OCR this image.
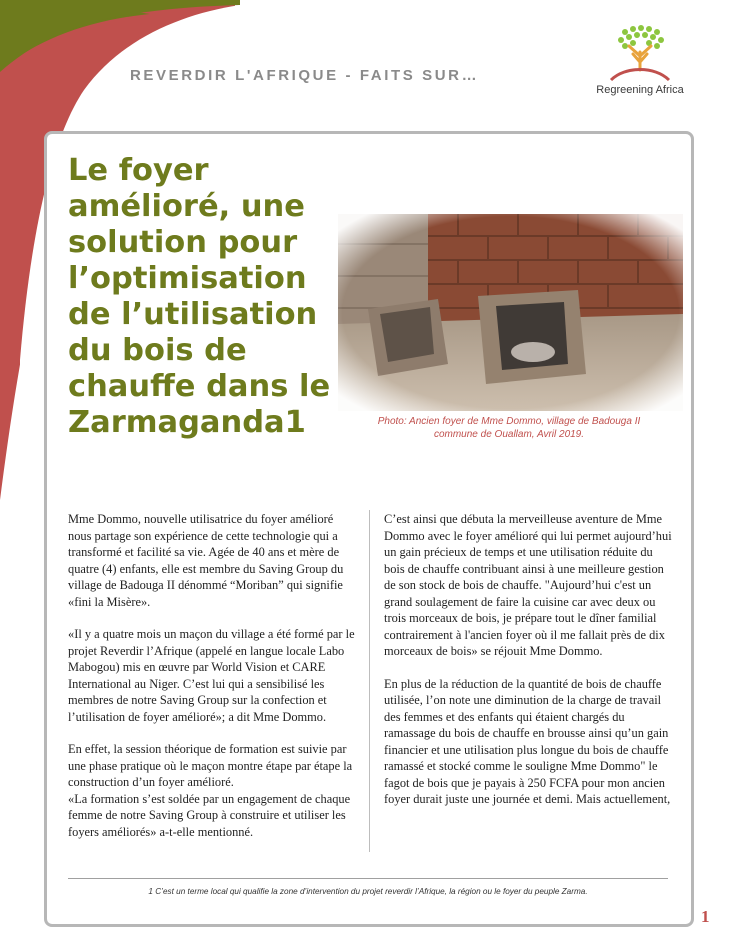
REVERDIR L'AFRIQUE - FAITS SUR…
Regreening Africa
Le foyer amélioré, une solution pour l’optimisation de l’utilisation du bois de chauffe dans le Zarmaganda1	Photo: Ancien foyer de Mme Dommo, village de Badouga II
commune de Ouallam, Avril 2019.

Mme Dommo, nouvelle utilisatrice du foyer amélioré nous partage son expérience de cette technologie qui a transformé et facilité sa vie. Agée de 40 ans et mère de quatre (4) enfants, elle est membre du Saving Group du village de Badouga II dénommé “Moriban” qui signifie «fini la Misère».

«Il y a quatre mois un maçon du village a été formé par le projet Reverdir l’Afrique (appelé en langue locale Labo Mabogou) mis en œuvre par World Vision et CARE International au Niger. C’est lui qui a sensibilisé les membres de notre Saving Group sur la confection et l’utilisation de foyer amélioré»; a dit Mme Dommo.

En effet, la session théorique de formation est suivie par une phase pratique où le maçon montre étape par étape la construction d’un foyer amélioré.

«La formation s’est soldée par un engagement de chaque femme de notre Saving Group à construire et utiliser les foyers améliorés» a-t-elle mentionné.

C’est ainsi que débuta la merveilleuse aventure de Mme Dommo avec le foyer amélioré qui lui permet aujourd’hui un gain précieux de temps et une utilisation réduite du bois de chauffe contribuant ainsi à une meilleure gestion de son stock de bois de chauffe. "Aujourd’hui c'est un grand soulagement de faire la cuisine car avec deux ou trois morceaux de bois, je prépare tout le dîner familial contrairement à l'ancien foyer où il me fallait près de dix morceaux de bois» se réjouit Mme Dommo.

En plus de la réduction de la quantité de bois de chauffe utilisée, l’on note une diminution de la charge de travail des femmes et des enfants qui étaient chargés du ramassage du bois de chauffe en brousse ainsi qu’un gain financier et une utilisation plus longue du bois de chauffe ramassé et stocké comme le souligne Mme Dommo" le fagot de bois que je payais à 250 FCFA pour mon ancien foyer durait juste une journée et demi. Mais actuellement,

1 C’est un terme local qui qualifie la zone d’intervention du projet reverdir l’Afrique, la région ou le foyer du peuple Zarma.
1
